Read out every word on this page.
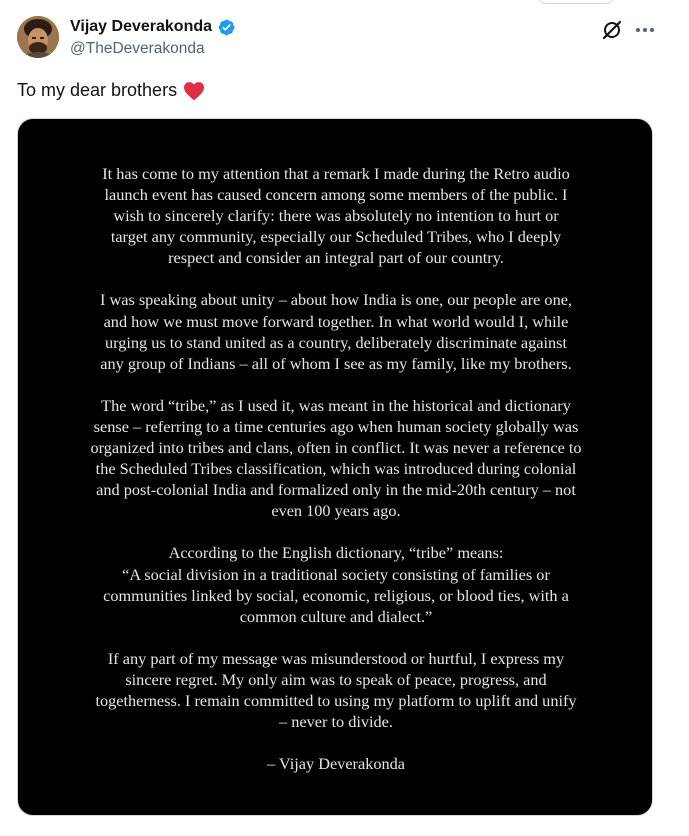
Vijay Deverakonda
@TheDeverakonda
To my dear brothers

It has come to my attention that a remark I made during the Retro audio
launch event has caused concern among some members of the public. I
wish to sincerely clarify: there was absolutely no intention to hurt or
target any community, especially our Scheduled Tribes, who I deeply
respect and consider an integral part of our country.

I was speaking about unity – about how India is one, our people are one,
and how we must move forward together. In what world would I, while
urging us to stand united as a country, deliberately discriminate against
any group of Indians – all of whom I see as my family, like my brothers.

The word “tribe,” as I used it, was meant in the historical and dictionary
sense – referring to a time centuries ago when human society globally was
organized into tribes and clans, often in conflict. It was never a reference to
the Scheduled Tribes classification, which was introduced during colonial
and post-colonial India and formalized only in the mid-20th century – not
even 100 years ago.

According to the English dictionary, “tribe” means:
“A social division in a traditional society consisting of families or
communities linked by social, economic, religious, or blood ties, with a
common culture and dialect.”

If any part of my message was misunderstood or hurtful, I express my
sincere regret. My only aim was to speak of peace, progress, and
togetherness. I remain committed to using my platform to uplift and unify
– never to divide.

– Vijay Deverakonda
